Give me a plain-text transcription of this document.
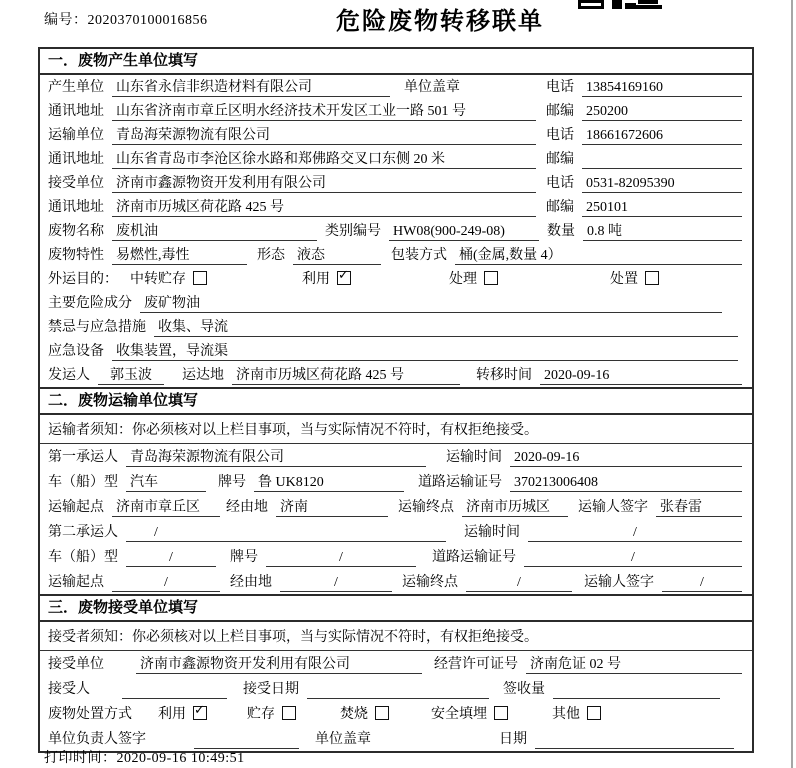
编号：2020370100016856	危险废物转移联单
一．废物产生单位填写
产生单位 山东省永信非织造材料有限公司	单位盖章	电话 13854169160
通讯地址 山东省济南市章丘区明水经济技术开发区工业一路 501 号	邮编 250200
运输单位 青岛海荣源物流有限公司	电话 18661672606
通讯地址 山东省青岛市李沧区徐水路和郑佛路交叉口东侧 20 米	邮编
接受单位 济南市鑫源物资开发利用有限公司	电话 0531-82095390
通讯地址 济南市历城区荷花路 425 号	邮编 250101
废物名称 废机油	类别编号 HW08(900-249-08)	数量 0.8 吨
废物特性 易燃性,毒性	形态 液态	包装方式 桶(金属,数量 4）
外运目的： 中转贮存	利用 ✓	处理	处置
主要危险成分 废矿物油
禁忌与应急措施 收集、导流
应急设备 收集装置，导流渠
发运人	郭玉波	运达地 济南市历城区荷花路 425 号	转移时间 2020-09-16
二．废物运输单位填写
运输者须知：你必须核对以上栏目事项，当与实际情况不符时，有权拒绝接受。
第一承运人 青岛海荣源物流有限公司	运输时间 2020-09-16
车（船）型 汽车	牌号 鲁 UK8120	道路运输证号 370213006408
运输起点 济南市章丘区	经由地 济南	运输终点 济南市历城区	运输人签字 张春雷
第二承运人	/	运输时间	/
车（船）型	/	牌号	/	道路运输证号	/
运输起点	/	经由地	/	运输终点	/	运输人签字	/
三．废物接受单位填写
接受者须知：你必须核对以上栏目事项，当与实际情况不符时，有权拒绝接受。
接受单位	济南市鑫源物资开发利用有限公司	经营许可证号 济南危证 02 号
接受人	接受日期	签收量
废物处置方式 利用 ✓	贮存	焚烧	安全填埋	其他
单位负责人签字	单位盖章	日期
打印时间：2020-09-16 10:49:51
